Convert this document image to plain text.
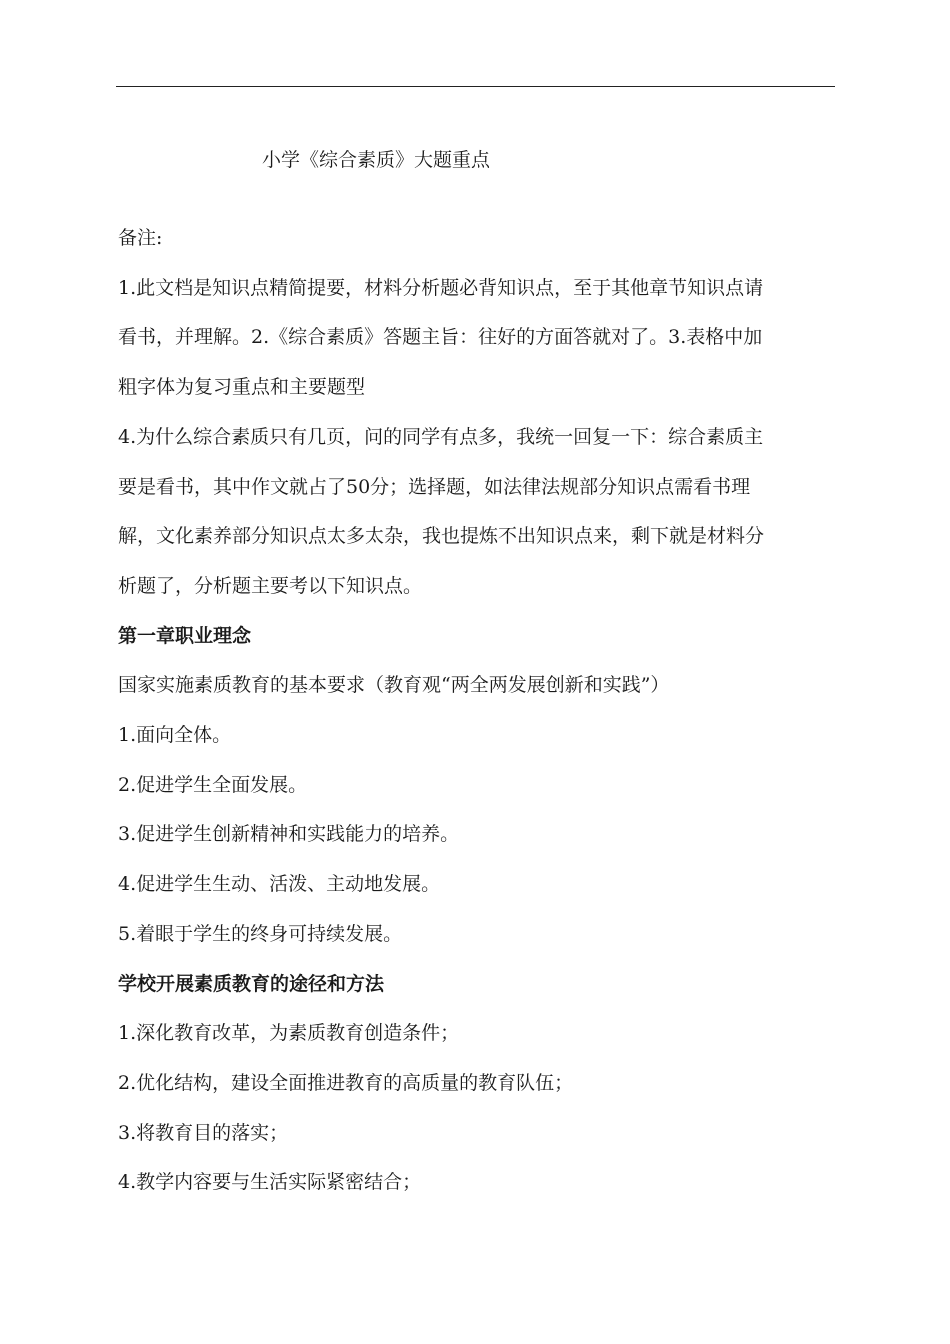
小学《综合素质》大题重点

备注:

1.此文档是知识点精简提要，材料分析题必背知识点，至于其他章节知识点请

看书，并理解。2.《综合素质》答题主旨：往好的方面答就对了。3.表格中加

粗字体为复习重点和主要题型

4.为什么综合素质只有几页，问的同学有点多，我统一回复一下：综合素质主

要是看书，其中作文就占了50分；选择题，如法律法规部分知识点需看书理

解，文化素养部分知识点太多太杂，我也提炼不出知识点来，剩下就是材料分

析题了，分析题主要考以下知识点。

第一章职业理念

国家实施素质教育的基本要求（教育观“两全两发展创新和实践”）

1.面向全体。

2.促进学生全面发展。

3.促进学生创新精神和实践能力的培养。

4.促进学生生动、活泼、主动地发展。

5.着眼于学生的终身可持续发展。

学校开展素质教育的途径和方法

1.深化教育改革，为素质教育创造条件；

2.优化结构，建设全面推进教育的高质量的教育队伍；

3.将教育目的落实；

4.教学内容要与生活实际紧密结合；
